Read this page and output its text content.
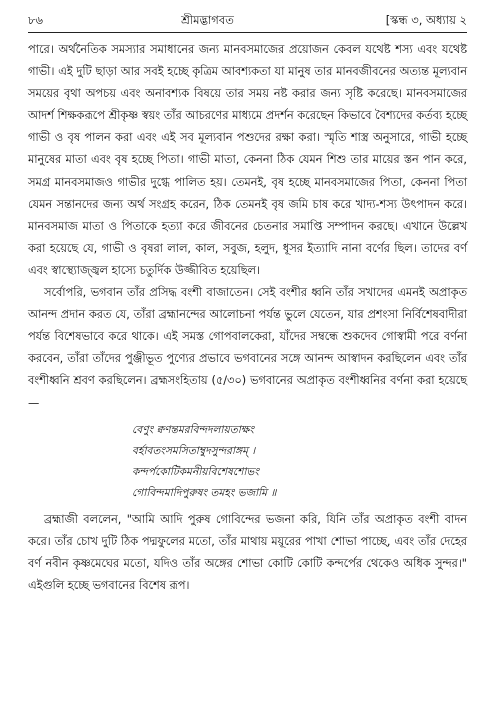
৮৬	শ্রীমদ্ভাগবত	[স্কন্ধ ৩, অধ্যায় ২

পারে। অর্থনৈতিক সমস্যার সমাধানের জন্য মানবসমাজের প্রয়োজন কেবল যথেষ্ট শস্য এবং যথেষ্ট গাভী। এই দুটি ছাড়া আর সবই হচ্ছে কৃত্রিম আবশ্যকতা যা মানুষ তার মানবজীবনের অত্যন্ত মূল্যবান সময়ের বৃথা অপচয় এবং অনাবশ্যক বিষয়ে তার সময় নষ্ট করার জন্য সৃষ্টি করেছে। মানবসমাজের আদর্শ শিক্ষকরূপে শ্রীকৃষ্ণ স্বয়ং তাঁর আচরণের মাধ্যমে প্রদর্শন করেছেন কিভাবে বৈশ্যদের কর্তব্য হচ্ছে গাভী ও বৃষ পালন করা এবং এই সব মূল্যবান পশুদের রক্ষা করা। স্মৃতি শাস্ত্র অনুসারে, গাভী হচ্ছে মানুষের মাতা এবং বৃষ হচ্ছে পিতা। গাভী মাতা, কেননা ঠিক যেমন শিশু তার মায়ের স্তন পান করে, সমগ্র মানবসমাজও গাভীর দুগ্ধে পালিত হয়। তেমনই, বৃষ হচ্ছে মানবসমাজের পিতা, কেননা পিতা যেমন সন্তানদের জন্য অর্থ সংগ্রহ করেন, ঠিক তেমনই বৃষ জমি চাষ করে খাদ্য-শস্য উৎপাদন করে। মানবসমাজ মাতা ও পিতাকে হত্যা করে জীবনের চেতনার সমাপ্তি সম্পাদন করছে। এখানে উল্লেখ করা হয়েছে যে, গাভী ও বৃষরা লাল, কাল, সবুজ, হলুদ, ধূসর ইত্যাদি নানা বর্ণের ছিল। তাদের বর্ণ এবং স্বাস্থ্যোজ্জ্বল হাস্যে চতুর্দিক উজ্জীবিত হয়েছিল।

সর্বোপরি, ভগবান তাঁর প্রসিদ্ধ বংশী বাজাতেন। সেই বংশীর ধ্বনি তাঁর সখাদের এমনই অপ্রাকৃত আনন্দ প্রদান করত যে, তাঁরা ব্রহ্মানন্দের আলোচনা পর্যন্ত ভুলে যেতেন, যার প্রশংসা নির্বিশেষবাদীরা পর্যন্ত বিশেষভাবে করে থাকে। এই সমস্ত গোপবালকেরা, যাঁদের সম্বন্ধে শুকদেব গোস্বামী পরে বর্ণনা করবেন, তাঁরা তাঁদের পুঞ্জীভূত পুণ্যের প্রভাবে ভগবানের সঙ্গে আনন্দ আস্বাদন করছিলেন এবং তাঁর বংশীধ্বনি শ্রবণ করছিলেন। ব্রহ্মসংহিতায় (৫/৩০) ভগবানের অপ্রাকৃত বংশীধ্বনির বর্ণনা করা হয়েছে—

বেণুং ক্বণন্তমরবিন্দদলায়তাক্ষং
বর্হাবতংসমসিতাম্বুদসুন্দরাঙ্গম্ ।
কন্দর্পকোটিকমনীয়বিশেষশোভং
গোবিন্দমাদিপুরুষং তমহং ভজামি ॥

ব্রহ্মাজী বললেন, "আমি আদি পুরুষ গোবিন্দের ভজনা করি, যিনি তাঁর অপ্রাকৃত বংশী বাদন করে। তাঁর চোখ দুটি ঠিক পদ্মফুলের মতো, তাঁর মাথায় ময়ূরের পাখা শোভা পাচ্ছে, এবং তাঁর দেহের বর্ণ নবীন কৃষ্ণমেঘের মতো, যদিও তাঁর অঙ্গের শোভা কোটি কোটি কন্দর্পের থেকেও অধিক সুন্দর।" এইগুলি হচ্ছে ভগবানের বিশেষ রূপ।
